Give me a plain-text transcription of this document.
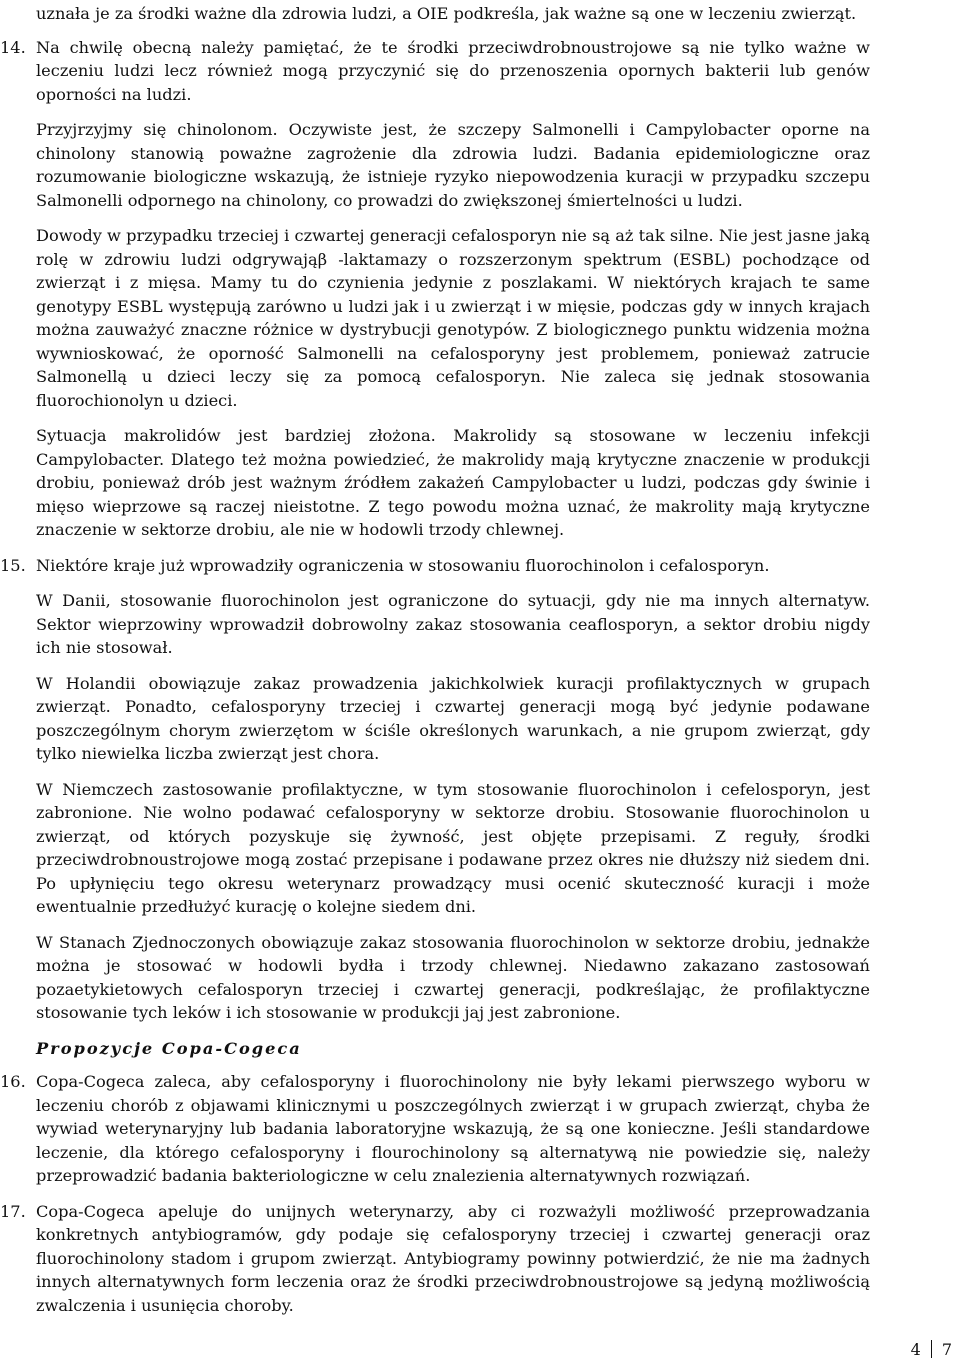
uznała je za środki ważne dla zdrowia ludzi, a OIE podkreśla, jak ważne są one w leczeniu zwierząt.

14. Na chwilę obecną należy pamiętać, że te środki przeciwdrobnoustrojowe są nie tylko ważne w leczeniu ludzi lecz również mogą przyczynić się do przenoszenia opornych bakterii lub genów oporności na ludzi.

Przyjrzyjmy się chinolonom. Oczywiste jest, że szczepy Salmonelli i Campylobacter oporne na chinolony stanowią poważne zagrożenie dla zdrowia ludzi. Badania epidemiologiczne oraz rozumowanie biologiczne wskazują, że istnieje ryzyko niepowodzenia kuracji w przypadku szczepu Salmonelli odpornego na chinolony, co prowadzi do zwiększonej śmiertelności u ludzi.

Dowody w przypadku trzeciej i czwartej generacji cefalosporyn nie są aż tak silne. Nie jest jasne jaką rolę w zdrowiu ludzi odgrywająβ -laktamazy o rozszerzonym spektrum (ESBL) pochodzące od zwierząt i z mięsa. Mamy tu do czynienia jedynie z poszlakami. W niektórych krajach te same genotypy ESBL występują zarówno u ludzi jak i u zwierząt i w mięsie, podczas gdy w innych krajach można zauważyć znaczne różnice w dystrybucji genotypów. Z biologicznego punktu widzenia można wywnioskować, że oporność Salmonelli na cefalosporyny jest problemem, ponieważ zatrucie Salmonellą u dzieci leczy się za pomocą cefalosporyn. Nie zaleca się jednak stosowania fluorochionolyn u dzieci.

Sytuacja makrolidów jest bardziej złożona. Makrolidy są stosowane w leczeniu infekcji Campylobacter. Dlatego też można powiedzieć, że makrolidy mają krytyczne znaczenie w produkcji drobiu, ponieważ drób jest ważnym źródłem zakażeń Campylobacter u ludzi, podczas gdy świnie i mięso wieprzowe są raczej nieistotne. Z tego powodu można uznać, że makrolity mają krytyczne znaczenie w sektorze drobiu, ale nie w hodowli trzody chlewnej.

15. Niektóre kraje już wprowadziły ograniczenia w stosowaniu fluorochinolon i cefalosporyn.

W Danii, stosowanie fluorochinolon jest ograniczone do sytuacji, gdy nie ma innych alternatyw. Sektor wieprzowiny wprowadził dobrowolny zakaz stosowania ceaflosporyn, a sektor drobiu nigdy ich nie stosował.

W Holandii obowiązuje zakaz prowadzenia jakichkolwiek kuracji profilaktycznych w grupach zwierząt. Ponadto, cefalosporyny trzeciej i czwartej generacji mogą być jedynie podawane poszczególnym chorym zwierzętom w ściśle określonych warunkach, a nie grupom zwierząt, gdy tylko niewielka liczba zwierząt jest chora.

W Niemczech zastosowanie profilaktyczne, w tym stosowanie fluorochinolon i cefelosporyn, jest zabronione. Nie wolno podawać cefalosporyny w sektorze drobiu. Stosowanie fluorochinolon u zwierząt, od których pozyskuje się żywność, jest objęte przepisami. Z reguły, środki przeciwdrobnoustrojowe mogą zostać przepisane i podawane przez okres nie dłuższy niż siedem dni. Po upłynięciu tego okresu weterynarz prowadzący musi ocenić skuteczność kuracji i może ewentualnie przedłużyć kurację o kolejne siedem dni.

W Stanach Zjednoczonych obowiązuje zakaz stosowania fluorochinolon w sektorze drobiu, jednakże można je stosować w hodowli bydła i trzody chlewnej. Niedawno zakazano zastosowań pozaetykietowych cefalosporyn trzeciej i czwartej generacji, podkreślając, że profilaktyczne stosowanie tych leków i ich stosowanie w produkcji jaj jest zabronione.

Propozycje Copa-Cogeca

16. Copa-Cogeca zaleca, aby cefalosporyny i fluorochinolony nie były lekami pierwszego wyboru w leczeniu chorób z objawami klinicznymi u poszczególnych zwierząt i w grupach zwierząt, chyba że wywiad weterynaryjny lub badania laboratoryjne wskazują, że są one konieczne. Jeśli standardowe leczenie, dla którego cefalosporyny i flourochinolony są alternatywą nie powiedzie się, należy przeprowadzić badania bakteriologiczne w celu znalezienia alternatywnych rozwiązań.
17. Copa-Cogeca apeluje do unijnych weterynarzy, aby ci rozważyli możliwość przeprowadzania konkretnych antybiogramów, gdy podaje się cefalosporyny trzeciej i czwartej generacji oraz fluorochinolony stadom i grupom zwierząt. Antybiogramy powinny potwierdzić, że nie ma żadnych innych alternatywnych form leczenia oraz że środki przeciwdrobnoustrojowe są jedyną możliwością zwalczenia i usunięcia choroby.
4 7
